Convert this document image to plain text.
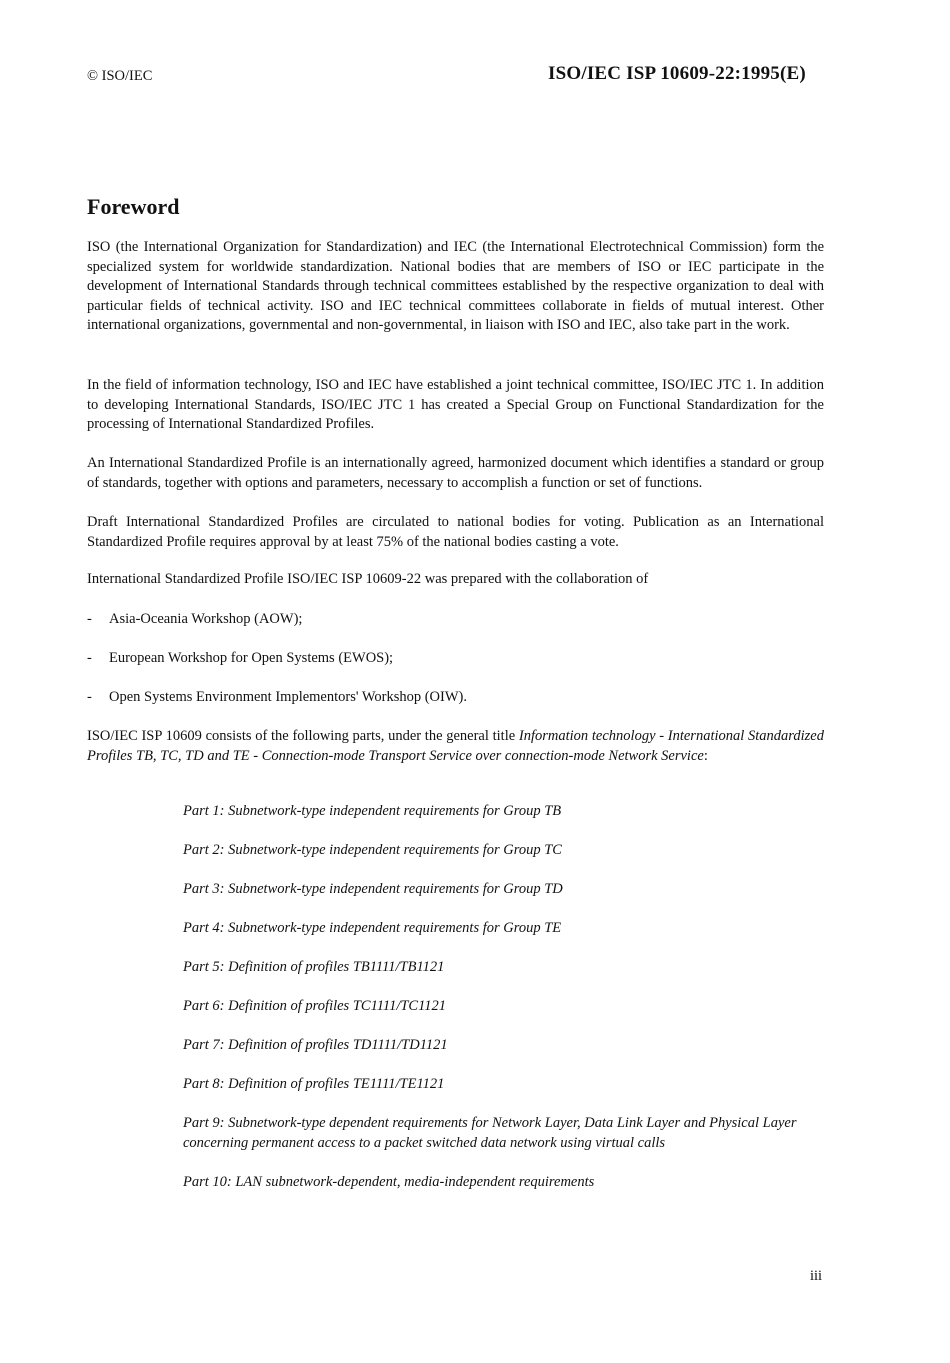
© ISO/IEC	ISO/IEC ISP 10609-22:1995(E)
Foreword

ISO (the International Organization for Standardization) and IEC (the International Electrotechnical Commission) form the specialized system for worldwide standardization. National bodies that are members of ISO or IEC participate in the development of International Standards through technical committees established by the respective organization to deal with particular fields of technical activity. ISO and IEC technical committees collaborate in fields of mutual interest. Other international organizations, governmental and non-governmental, in liaison with ISO and IEC, also take part in the work.

In the field of information technology, ISO and IEC have established a joint technical committee, ISO/IEC JTC 1. In addition to developing International Standards, ISO/IEC JTC 1 has created a Special Group on Functional Standardization for the processing of International Standardized Profiles.

An International Standardized Profile is an internationally agreed, harmonized document which identifies a standard or group of standards, together with options and parameters, necessary to accomplish a function or set of functions.

Draft International Standardized Profiles are circulated to national bodies for voting. Publication as an International Standardized Profile requires approval by at least 75% of the national bodies casting a vote.

International Standardized Profile ISO/IEC ISP 10609-22 was prepared with the collaboration of

- Asia-Oceania Workshop (AOW);

- European Workshop for Open Systems (EWOS);

- Open Systems Environment Implementors' Workshop (OIW).

ISO/IEC ISP 10609 consists of the following parts, under the general title Information technology - International Standardized Profiles TB, TC, TD and TE - Connection-mode Transport Service over connection-mode Network Service:

Part 1: Subnetwork-type independent requirements for Group TB

Part 2: Subnetwork-type independent requirements for Group TC

Part 3: Subnetwork-type independent requirements for Group TD

Part 4: Subnetwork-type independent requirements for Group TE

Part 5: Definition of profiles TB1111/TB1121

Part 6: Definition of profiles TC1111/TC1121

Part 7: Definition of profiles TD1111/TD1121

Part 8: Definition of profiles TE1111/TE1121

Part 9: Subnetwork-type dependent requirements for Network Layer, Data Link Layer and Physical Layer concerning permanent access to a packet switched data network using virtual calls

Part 10: LAN subnetwork-dependent, media-independent requirements

iii
